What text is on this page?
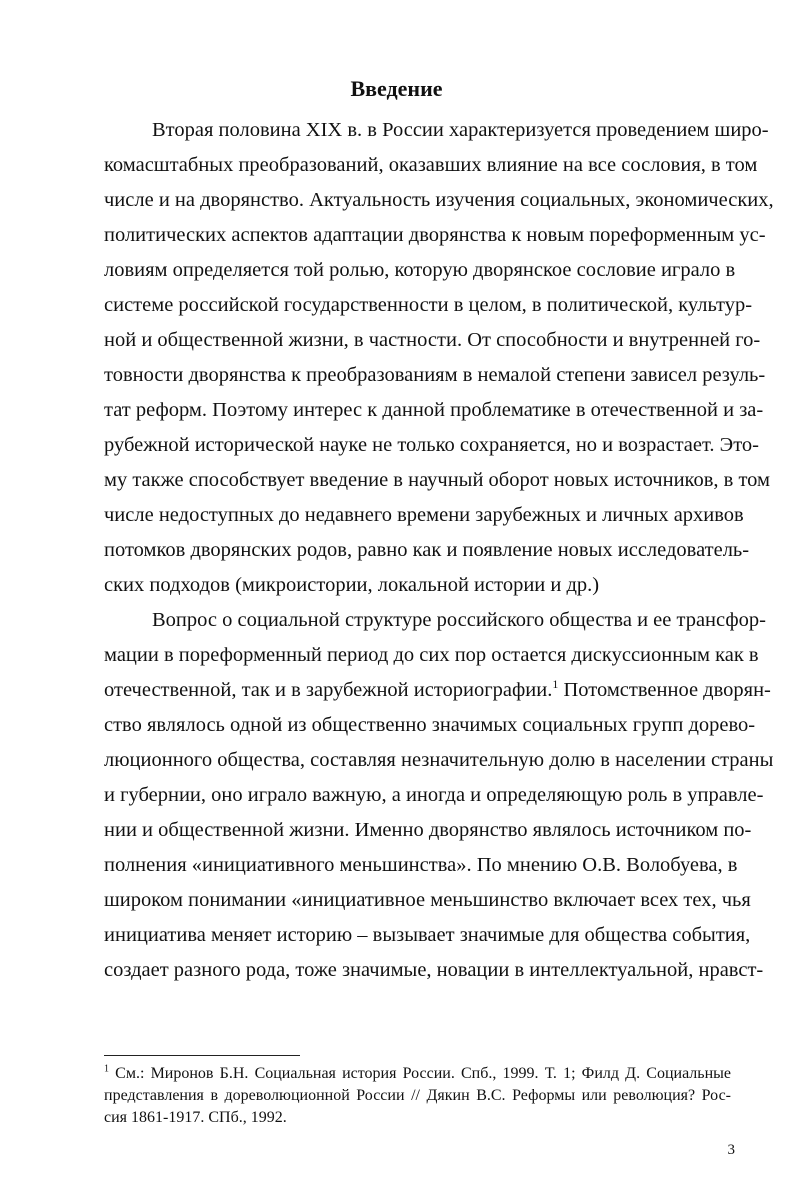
Введение
Вторая половина XIX в. в России характеризуется проведением широ-
комасштабных преобразований, оказавших влияние на все сословия, в том
числе и на дворянство. Актуальность изучения социальных, экономических,
политических аспектов адаптации дворянства к новым пореформенным ус-
ловиям определяется той ролью, которую дворянское сословие играло в
системе российской государственности в целом, в политической, культур-
ной и общественной жизни, в частности. От способности и внутренней го-
товности дворянства к преобразованиям в немалой степени зависел резуль-
тат реформ. Поэтому интерес к данной проблематике в отечественной и за-
рубежной исторической науке не только сохраняется, но и возрастает. Это-
му также способствует введение в научный оборот новых источников, в том
числе недоступных до недавнего времени зарубежных и личных архивов
потомков дворянских родов, равно как и появление новых исследователь-
ских подходов (микроистории, локальной истории и др.)
Вопрос о социальной структуре российского общества и ее трансфор-
мации в пореформенный период до сих пор остается дискуссионным как в
отечественной, так и в зарубежной историографии.$^1$ Потомственное дворян-
ство являлось одной из общественно значимых социальных групп дорево-
люционного общества, составляя незначительную долю в населении страны
и губернии, оно играло важную, а иногда и определяющую роль в управле-
нии и общественной жизни. Именно дворянство являлось источником по-
полнения «инициативного меньшинства». По мнению О.В. Волобуева, в
широком понимании «инициативное меньшинство включает всех тех, чья
инициатива меняет историю – вызывает значимые для общества события,
создает разного рода, тоже значимые, новации в интеллектуальной, нравст-
$^1$ См.: Миронов Б.Н. Социальная история России. Спб., 1999. Т. 1; Филд Д. Социальные
представления в дореволюционной России // Дякин В.С. Реформы или революция? Рос-
сия 1861-1917. СПб., 1992.
3
